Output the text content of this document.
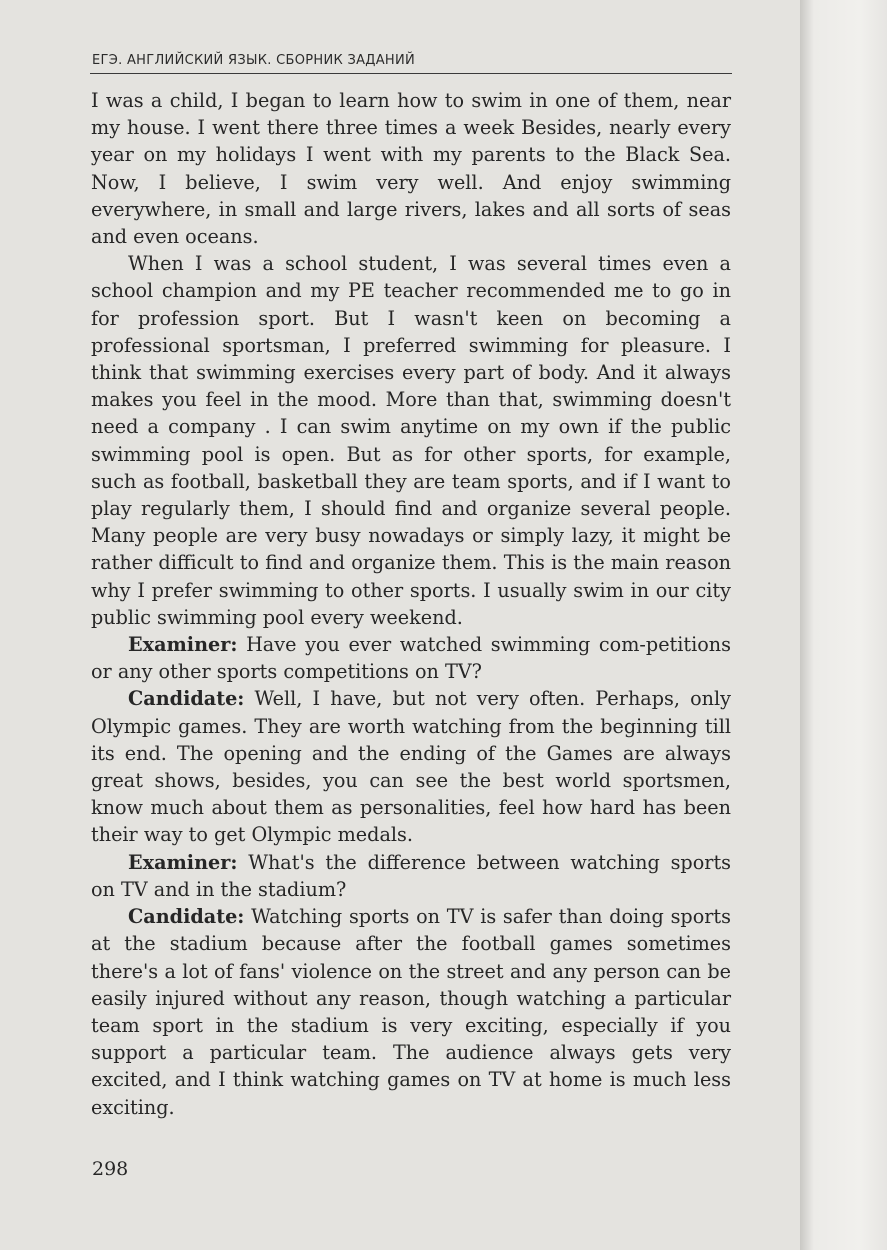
ЕГЭ. АНГЛИЙСКИЙ ЯЗЫК. СБОРНИК ЗАДАНИЙ

I was a child, I began to learn how to swim in one of them, near my house. I went there three times a week Besides, nearly every year on my holidays I went with my parents to the Black Sea. Now, I believe, I swim very well. And enjoy swimming everywhere, in small and large rivers, lakes and all sorts of seas and even oceans.

When I was a school student, I was several times even a school champion and my PE teacher recommended me to go in for profession sport. But I wasn't keen on becoming a professional sportsman, I preferred swimming for pleasure. I think that swimming exercises every part of body. And it always makes you feel in the mood. More than that, swimming doesn't need a company . I can swim anytime on my own if the public swimming pool is open. But as for other sports, for example, such as football, basketball they are team sports, and if I want to play regularly them, I should find and organize several people. Many people are very busy nowadays or simply lazy, it might be rather difficult to find and organize them. This is the main reason why I prefer swimming to other sports. I usually swim in our city public swimming pool every weekend.

Examiner: Have you ever watched swimming com-petitions or any other sports competitions on TV?

Candidate: Well, I have, but not very often. Perhaps, only Olympic games. They are worth watching from the beginning till its end. The opening and the ending of the Games are always great shows, besides, you can see the best world sportsmen, know much about them as personalities, feel how hard has been their way to get Olympic medals.

Examiner: What's the difference between watching sports on TV and in the stadium?

Candidate: Watching sports on TV is safer than doing sports at the stadium because after the football games sometimes there's a lot of fans' violence on the street and any person can be easily injured without any reason, though watching a particular team sport in the stadium is very exciting, especially if you support a particular team. The audience always gets very excited, and I think watching games on TV at home is much less exciting.

298
